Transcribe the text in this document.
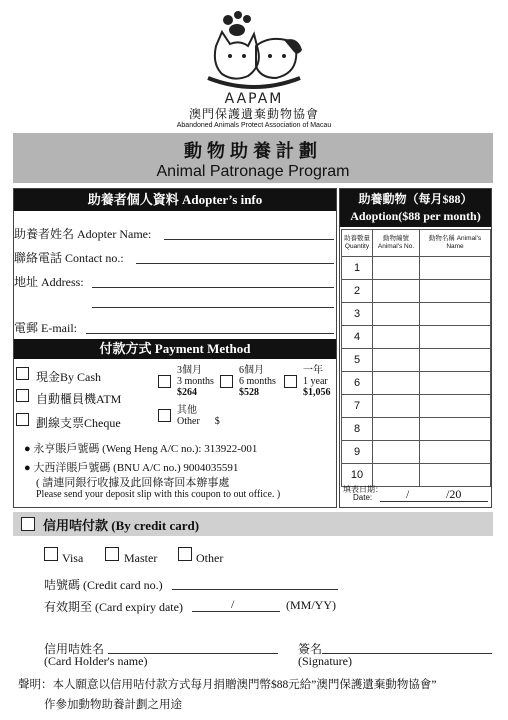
AAPAM
澳門保護遺棄動物協會
Abandoned Animals Protect Association of Macau
動物助養計劃
Animal Patronage Program
助養者個人資料 Adopter’s info
助養者姓名 Adopter Name:
聯絡電話 Contact no.:
地址 Address:
電郵 E-mail:
付款方式 Payment Method
現金By Cash
自動櫃員機ATM
劃線支票Cheque
3個月
3 months
$264
6個月
6 months
$528
一年
1 year
$1,056
其他
Other $
● 永亨賬戶號碼 (Weng Heng A/C no.): 313922-001
● 大西洋賬戶號碼 (BNU A/C no.) 9004035591
( 請連同銀行收據及此回條寄回本辦事處
Please send your deposit slip with this coupon to out office. )
助養動物（每月$88）
Adoption($88 per month)
助養數量 Quantity	動物編號 Animal's No.	動物名稱 Animal's Name
1		
2		
3		
4		
5		
6		
7		
8		
9		
10		
填表日期：
Date:	/	/20
信用咭付款 (By credit card)
Visa	Master	Other
咭號碼 (Credit card no.)
有效期至 (Card expiry date)	/	(MM/YY)
信用咭姓名
(Card Holder's name)
簽名
(Signature)
聲明：本人願意以信用咭付款方式每月捐贈澳門幣$88元給”澳門保護遺棄動物協會”
作參加動物助養計劃之用途
